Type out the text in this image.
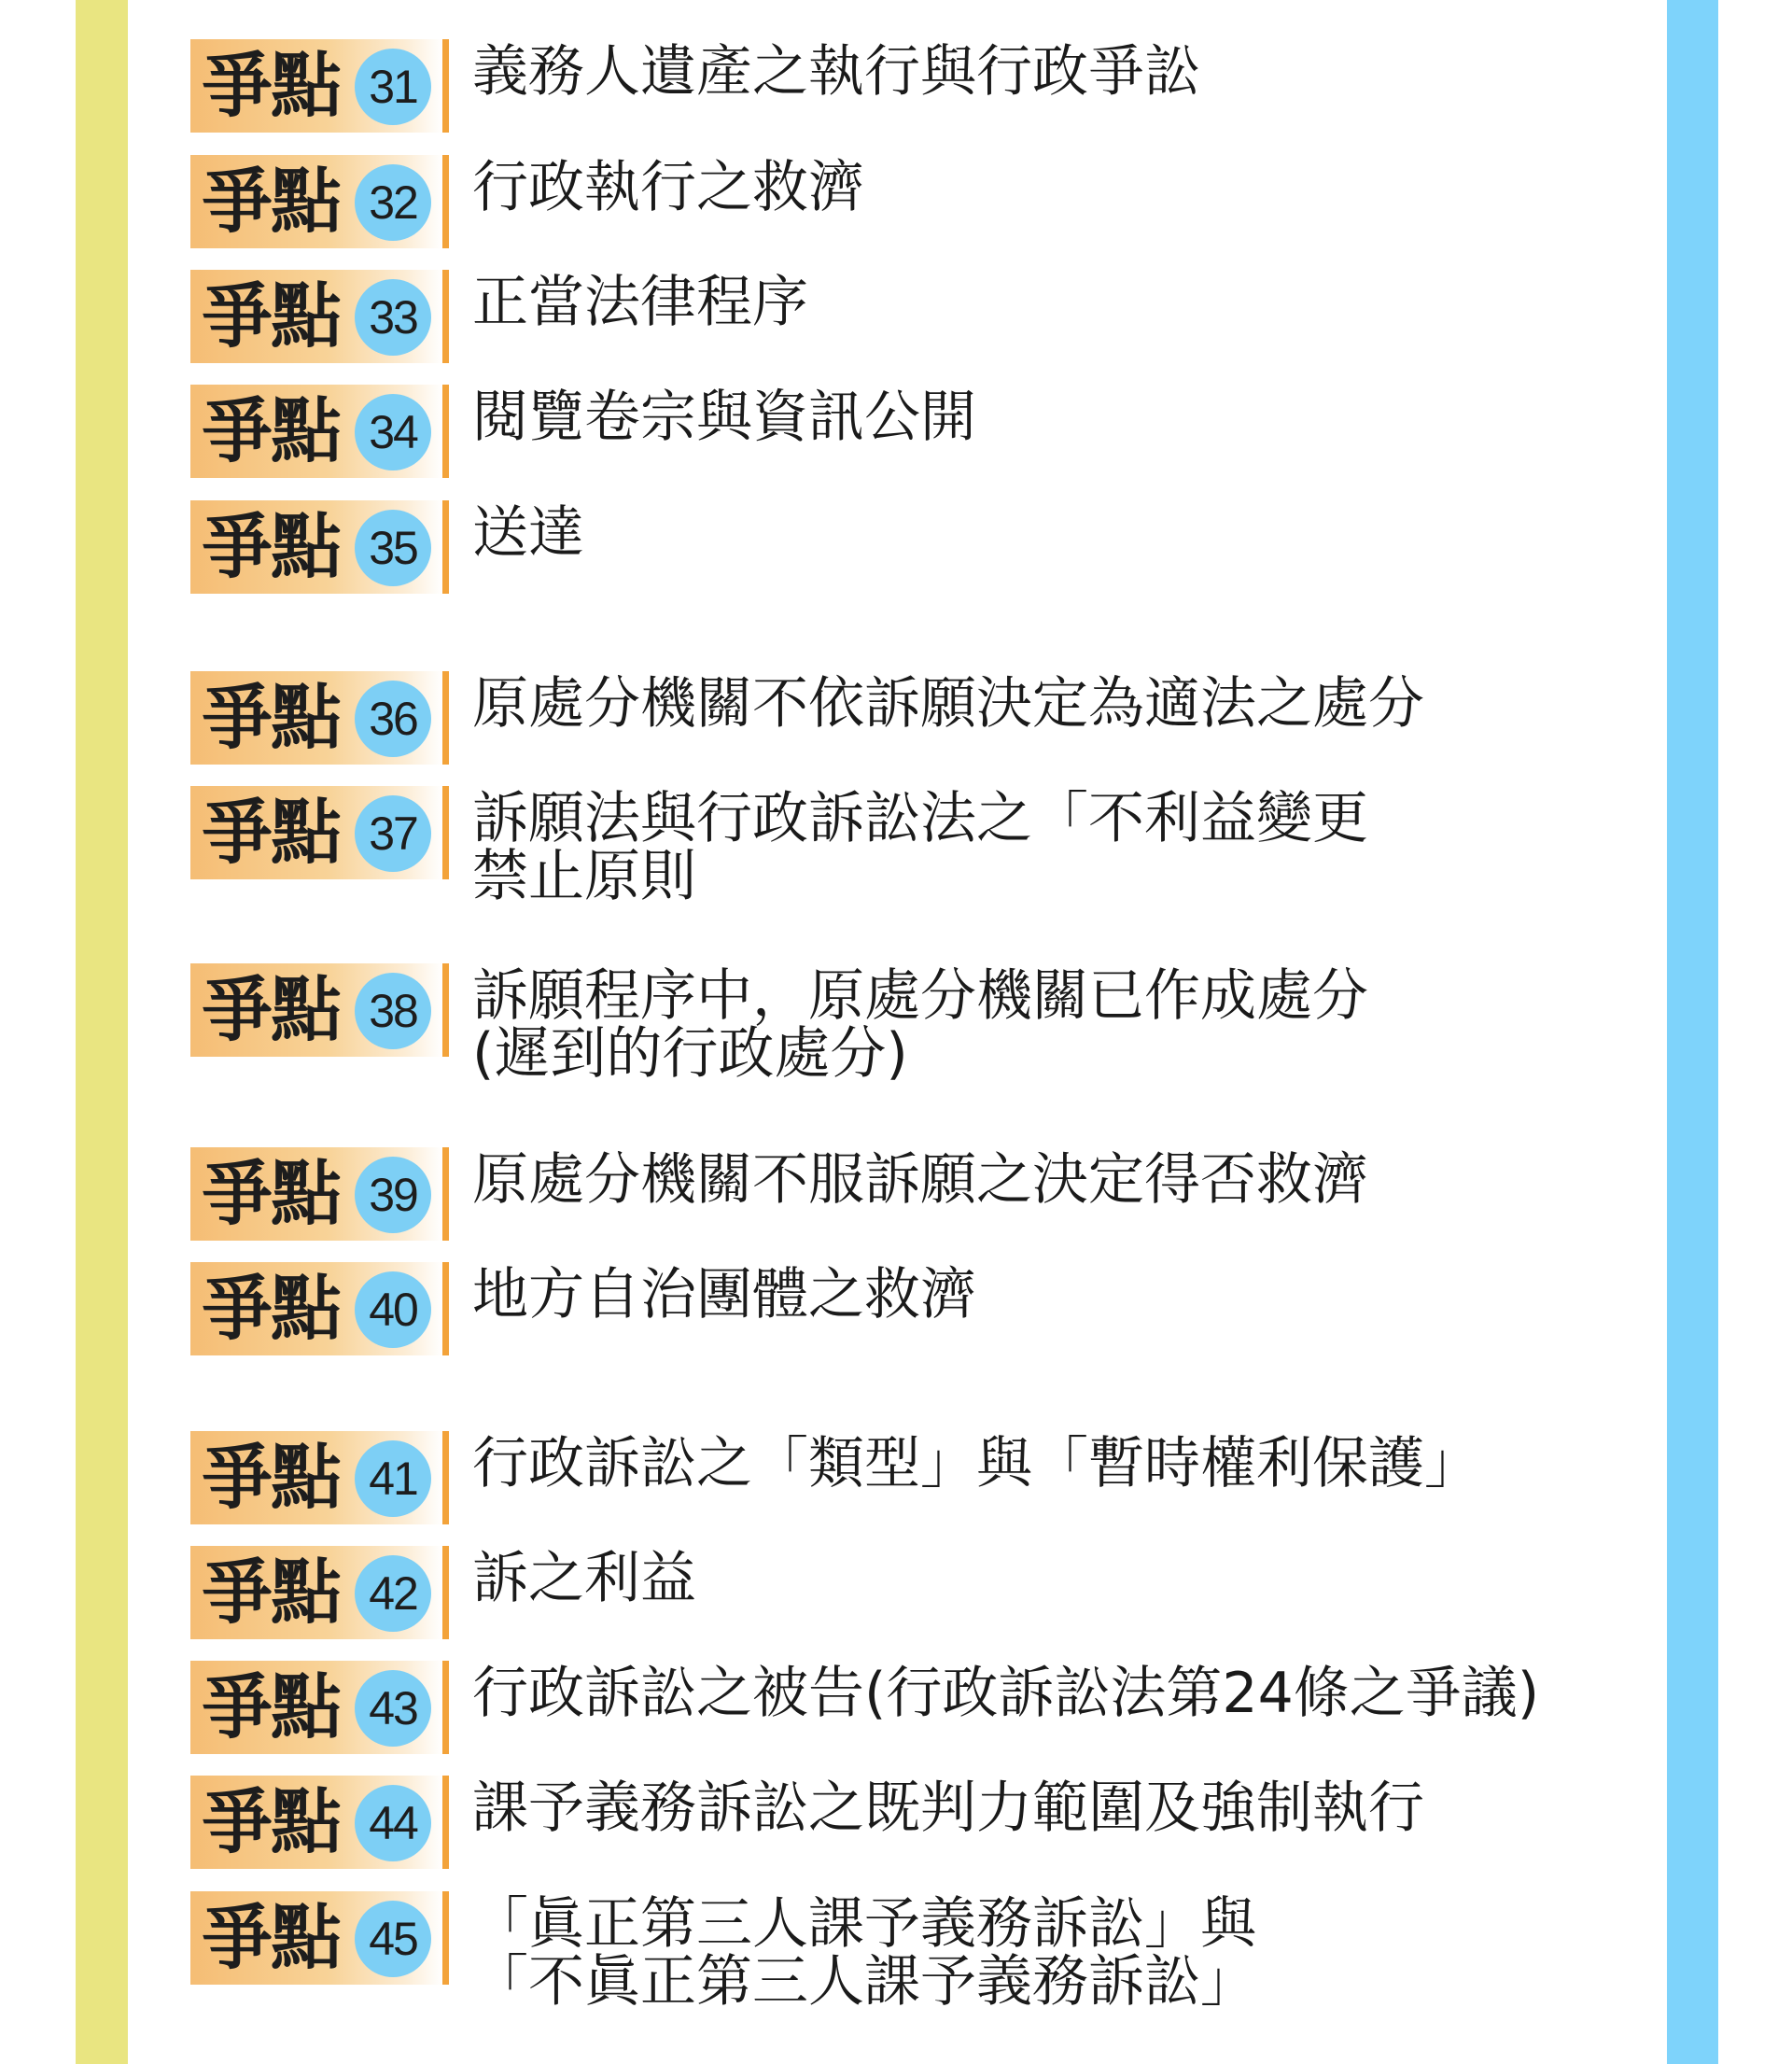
爭點 31 義務人遺產之執行與行政爭訟
爭點 32 行政執行之救濟
爭點 33 正當法律程序
爭點 34 閱覽卷宗與資訊公開
爭點 35 送達
爭點 36 原處分機關不依訴願決定為適法之處分
爭點 37 訴願法與行政訴訟法之「不利益變更
禁止原則
爭點 38 訴願程序中，原處分機關已作成處分
(遲到的行政處分)
爭點 39 原處分機關不服訴願之決定得否救濟
爭點 40 地方自治團體之救濟
爭點 41 行政訴訟之「類型」與「暫時權利保護」
爭點 42 訴之利益
爭點 43 行政訴訟之被告(行政訴訟法第24條之爭議)
爭點 44 課予義務訴訟之既判力範圍及強制執行
爭點 45 「眞正第三人課予義務訴訟」與
「不眞正第三人課予義務訴訟」
